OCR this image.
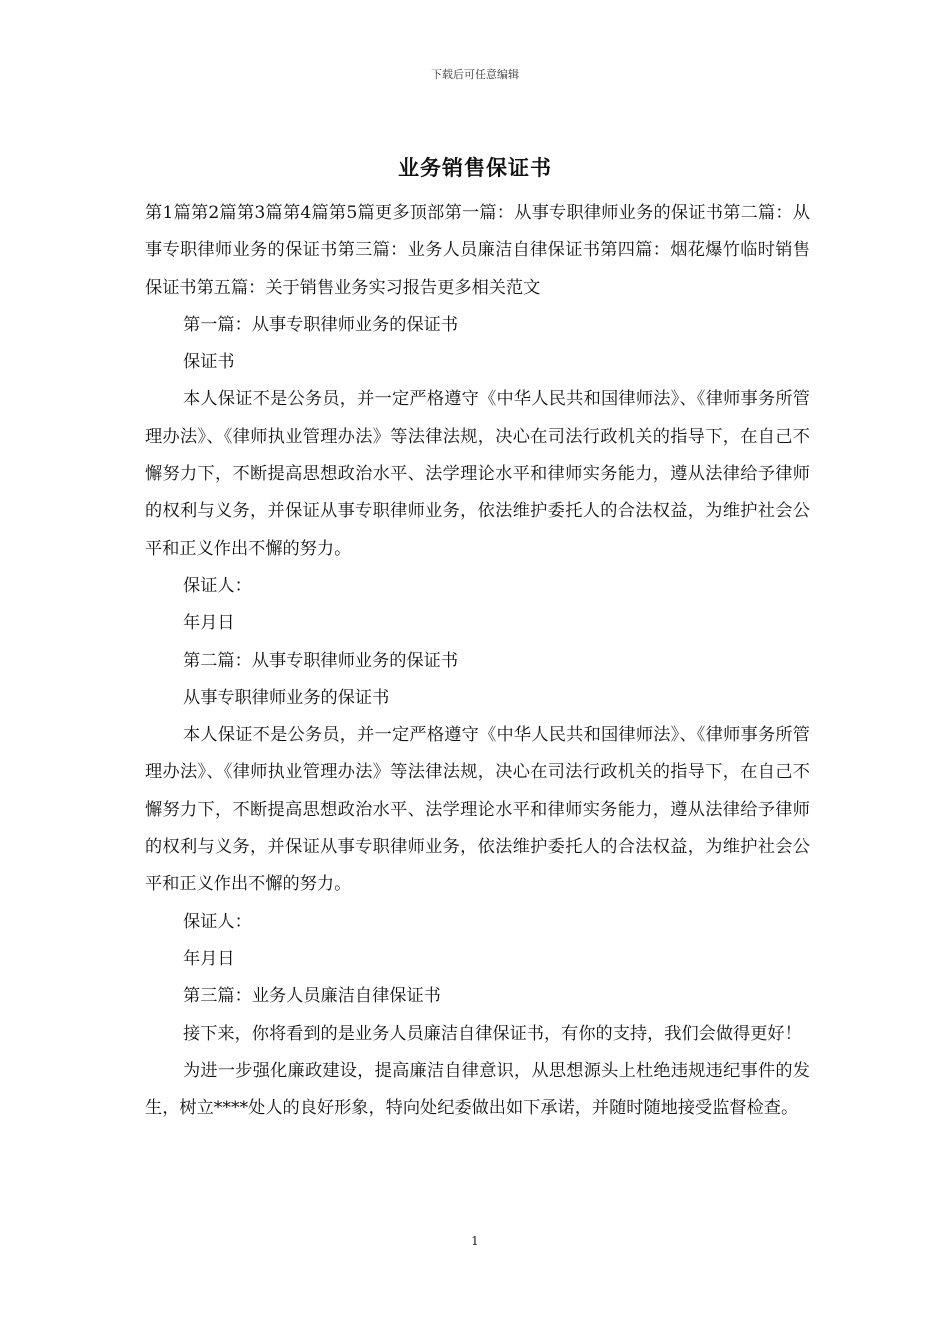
下载后可任意编辑
业务销售保证书

第1篇第2篇第3篇第4篇第5篇更多顶部第一篇：从事专职律师业务的保证书第二篇：从事专职律师业务的保证书第三篇：业务人员廉洁自律保证书第四篇：烟花爆竹临时销售保证书第五篇：关于销售业务实习报告更多相关范文

第一篇：从事专职律师业务的保证书

保证书

本人保证不是公务员，并一定严格遵守《中华人民共和国律师法》、《律师事务所管理办法》、《律师执业管理办法》等法律法规，决心在司法行政机关的指导下，在自己不懈努力下，不断提高思想政治水平、法学理论水平和律师实务能力，遵从法律给予律师的权利与义务，并保证从事专职律师业务，依法维护委托人的合法权益，为维护社会公平和正义作出不懈的努力。

保证人：

年月日

第二篇：从事专职律师业务的保证书

从事专职律师业务的保证书

本人保证不是公务员，并一定严格遵守《中华人民共和国律师法》、《律师事务所管理办法》、《律师执业管理办法》等法律法规，决心在司法行政机关的指导下，在自己不懈努力下，不断提高思想政治水平、法学理论水平和律师实务能力，遵从法律给予律师的权利与义务，并保证从事专职律师业务，依法维护委托人的合法权益，为维护社会公平和正义作出不懈的努力。

保证人：

年月日

第三篇：业务人员廉洁自律保证书

接下来，你将看到的是业务人员廉洁自律保证书，有你的支持，我们会做得更好！

为进一步强化廉政建设，提高廉洁自律意识，从思想源头上杜绝违规违纪事件的发生，树立****处人的良好形象，特向处纪委做出如下承诺，并随时随地接受监督检查。

1
